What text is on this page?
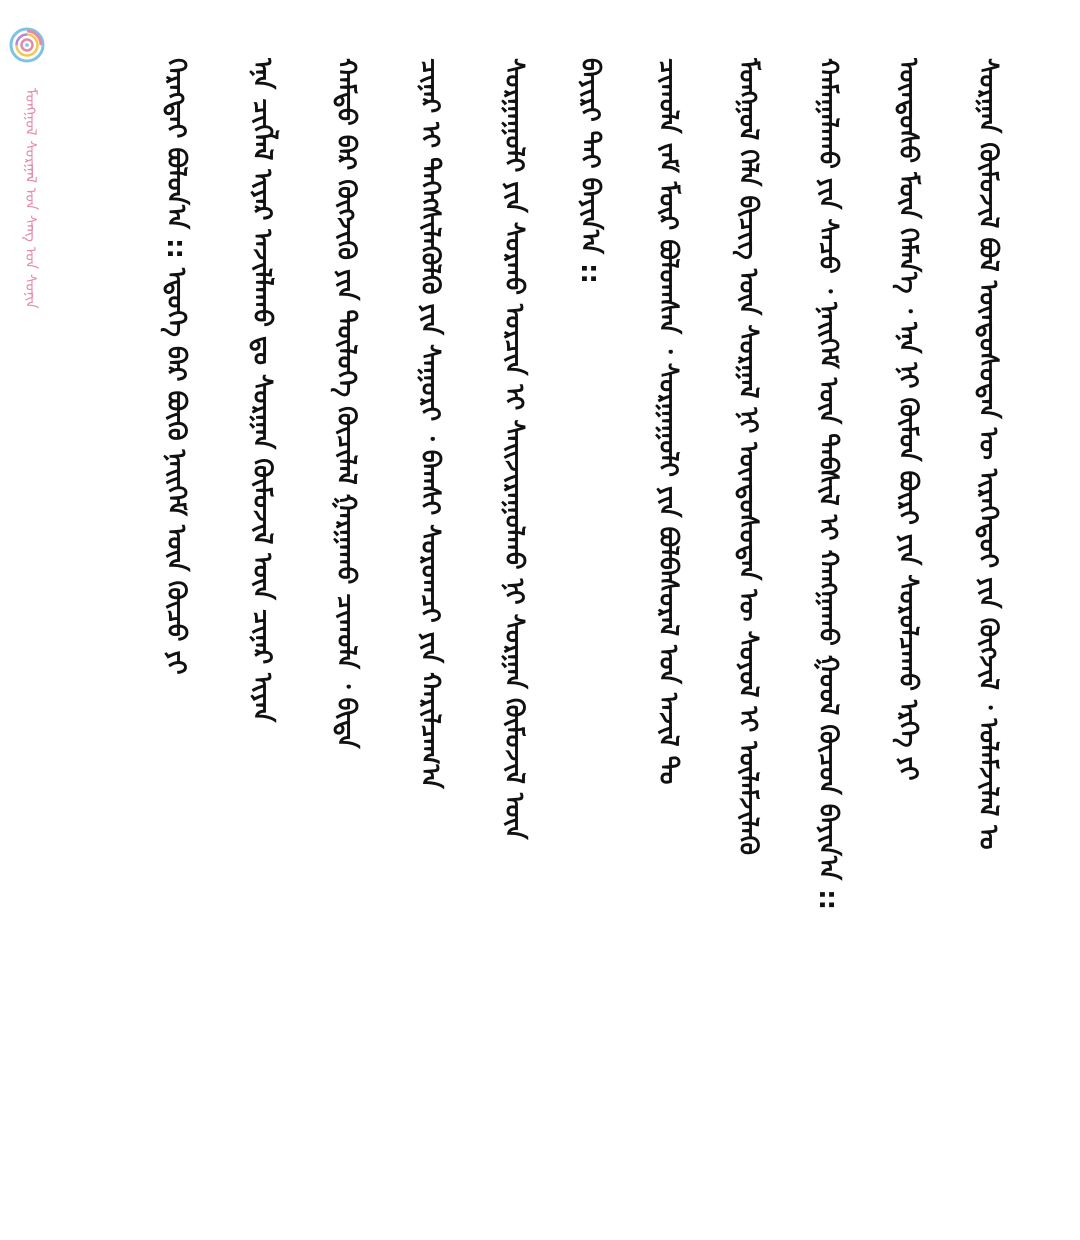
ᠮᠣᠩᠭᠣᠯ ᠰᠤᠷᠭᠠᠯ ᠤᠨ ᠰᠠᠩ ᠤᠨ ᠰᠣᠨᠢᠨ	ᠰᠤᠷᠭᠠᠨ ᠬᠦᠮᠦᠵᠢᠯ ᠪᠣᠯ ᠦᠨᠳᠦᠰᠦᠲᠡᠨ ᠦ ᠢᠷᠡᠭᠡᠳᠦᠢ ᠶᠢᠨ ᠬᠥᠭᠵᠢᠯ ᠂ ᠤᠯᠠᠮᠵᠢᠯᠠᠯ ᠤ
ᠦᠨᠳᠦᠰᠦ ᠮᠥᠨ ᠬᠡᠮᠡᠨ᠎ᠡ ᠂ ᠡᠨᠡ ᠨᠢ ᠬᠦᠮᠦᠨ ᠪᠦᠷᠢ ᠶᠢᠨ ᠰᠤᠷᠤᠯᠴᠠᠬᠤ ᠡᠷᠬᠡ ᠶᠢ
ᠬᠠᠮᠠᠭᠠᠯᠠᠬᠤ ᠶᠢᠨ ᠰᠠᠴᠤ ᠂ ᠨᠡᠢᠭᠡᠮ ᠦᠨ ᠳᠡᠪᠰᠢᠯ ᠢ ᠬᠠᠩᠭᠠᠬᠤ ᠭᠣᠣᠯ ᠬᠦᠴᠦᠨ ᠪᠠᠶᠢᠨ᠎ᠠ ::
ᠮᠣᠩᠭᠣᠯ ᠬᠡᠯᠡ ᠪᠢᠴᠢᠭ ᠦᠨ ᠰᠤᠷᠭᠠᠯ ᠨᠢ ᠦᠨᠳᠦᠰᠦᠲᠡᠨ ᠦ ᠰᠣᠶᠣᠯ ᠢ ᠦᠯᠡᠮᠵᠢᠯᠡᠬᠦ
ᠴᠢᠬᠤᠯᠠ ᠵᠠᠮ ᠮᠥᠷ ᠪᠣᠯᠤᠭᠰᠠᠨ ᠂ ᠰᠤᠷᠭᠠᠭᠤᠯᠢ ᠶᠢᠨ ᠪᠣᠯᠪᠠᠰᠤᠷᠠᠯ ᠤᠨ ᠠᠵᠢᠯ ᠲᠤ
ᠪᠠᠶᠢᠷᠢ ᠲᠠᠢ ᠪᠠᠶᠢᠨ᠎ᠠ ::
ᠰᠤᠷᠭᠠᠭᠤᠯᠢ ᠶᠢᠨ ᠰᠤᠷᠬᠤ ᠤᠷᠴᠢᠨ ᠢ ᠰᠠᠢᠵᠢᠷᠠᠭᠤᠯᠬᠤ ᠨᠢ ᠰᠤᠷᠭᠠᠨ ᠬᠦᠮᠦᠵᠢᠯ ᠦᠨ
ᠴᠢᠨᠠᠷ ᠢ ᠳᠡᠭᠡᠭᠰᠢᠯᠡᠭᠦᠯᠬᠦ ᠶᠢᠨ ᠰᠠᠭᠤᠷᠢ ᠂ ᠪᠠᠭᠰᠢ ᠰᠤᠷᠤᠭᠴᠢ ᠶᠢᠨ ᠬᠠᠷᠢᠯᠴᠠᠭ᠎ᠠ
ᠬᠠᠮᠲᠤ ᠪᠡᠷ ᠬᠥᠭᠵᠢᠬᠦ ᠶᠢᠨ ᠲᠥᠯᠥᠭᠡ ᠬᠦᠴᠢᠯᠡᠯ ᠭᠠᠷᠭᠠᠬᠤ ᠴᠢᠬᠤᠯᠠ ᠂ ᠪᠢᠳᠡ
ᠡᠨᠡ ᠴᠢᠭᠯᠡᠯ ᠢᠶᠡᠷ ᠠᠵᠢᠯᠯᠠᠬᠤ ᠳᠤ ᠰᠤᠷᠭᠠᠨ ᠬᠦᠮᠦᠵᠢᠯ ᠦᠨ ᠴᠢᠨᠠᠷ ᠢᠶᠠᠨ
ᠬᠡᠷᠡᠭᠲᠡᠢ ᠪᠣᠯᠤᠨ᠎ᠠ :: ᠡᠳᠦᠭᠡ ᠪᠡᠷ ᠪᠦᠬᠦ ᠨᠡᠢᠭᠡᠮ ᠦᠨ ᠬᠦᠴᠦ ᠶᠢ
